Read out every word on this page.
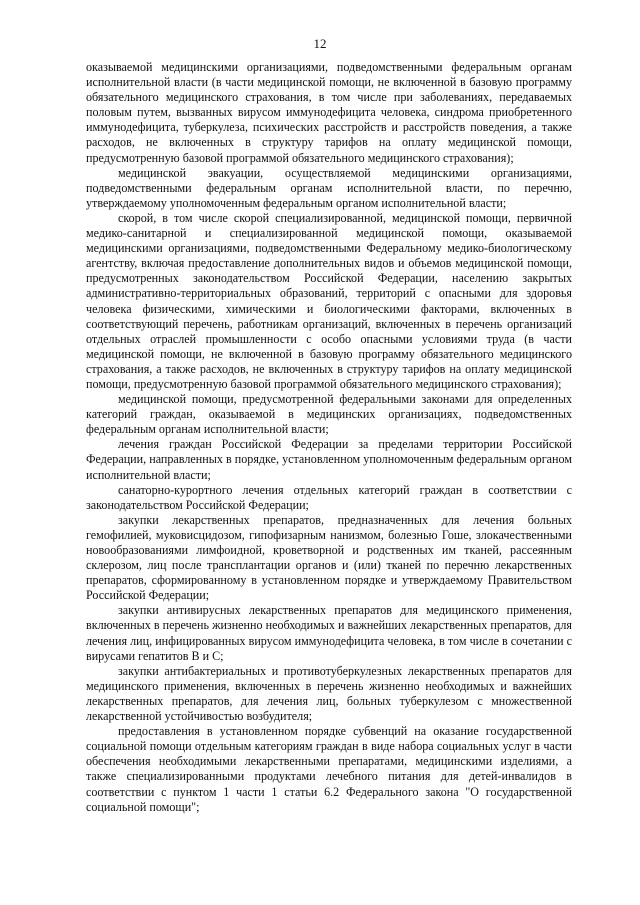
12

оказываемой медицинскими организациями, подведомственными федеральным органам исполнительной власти (в части медицинской помощи, не включенной в базовую программу обязательного медицинского страхования, в том числе при заболеваниях, передаваемых половым путем, вызванных вирусом иммунодефицита человека, синдрома приобретенного иммунодефицита, туберкулеза, психических расстройств и расстройств поведения, а также расходов, не включенных в структуру тарифов на оплату медицинской помощи, предусмотренную базовой программой обязательного медицинского страхования);

медицинской эвакуации, осуществляемой медицинскими организациями, подведомственными федеральным органам исполнительной власти, по перечню, утверждаемому уполномоченным федеральным органом исполнительной власти;

скорой, в том числе скорой специализированной, медицинской помощи, первичной медико-санитарной и специализированной медицинской помощи, оказываемой медицинскими организациями, подведомственными Федеральному медико-биологическому агентству, включая предоставление дополнительных видов и объемов медицинской помощи, предусмотренных законодательством Российской Федерации, населению закрытых административно-территориальных образований, территорий с опасными для здоровья человека физическими, химическими и биологическими факторами, включенных в соответствующий перечень, работникам организаций, включенных в перечень организаций отдельных отраслей промышленности с особо опасными условиями труда (в части медицинской помощи, не включенной в базовую программу обязательного медицинского страхования, а также расходов, не включенных в структуру тарифов на оплату медицинской помощи, предусмотренную базовой программой обязательного медицинского страхования);

медицинской помощи, предусмотренной федеральными законами для определенных категорий граждан, оказываемой в медицинских организациях, подведомственных федеральным органам исполнительной власти;

лечения граждан Российской Федерации за пределами территории Российской Федерации, направленных в порядке, установленном уполномоченным федеральным органом исполнительной власти;

санаторно-курортного лечения отдельных категорий граждан в соответствии с законодательством Российской Федерации;

закупки лекарственных препаратов, предназначенных для лечения больных гемофилией, муковисцидозом, гипофизарным нанизмом, болезнью Гоше, злокачественными новообразованиями лимфоидной, кроветворной и родственных им тканей, рассеянным склерозом, лиц после трансплантации органов и (или) тканей по перечню лекарственных препаратов, сформированному в установленном порядке и утверждаемому Правительством Российской Федерации;

закупки антивирусных лекарственных препаратов для медицинского применения, включенных в перечень жизненно необходимых и важнейших лекарственных препаратов, для лечения лиц, инфицированных вирусом иммунодефицита человека, в том числе в сочетании с вирусами гепатитов B и C;

закупки антибактериальных и противотуберкулезных лекарственных препаратов для медицинского применения, включенных в перечень жизненно необходимых и важнейших лекарственных препаратов, для лечения лиц, больных туберкулезом с множественной лекарственной устойчивостью возбудителя;

предоставления в установленном порядке субвенций на оказание государственной социальной помощи отдельным категориям граждан в виде набора социальных услуг в части обеспечения необходимыми лекарственными препаратами, медицинскими изделиями, а также специализированными продуктами лечебного питания для детей-инвалидов в соответствии с пунктом 1 части 1 статьи 6.2 Федерального закона "О государственной социальной помощи";
